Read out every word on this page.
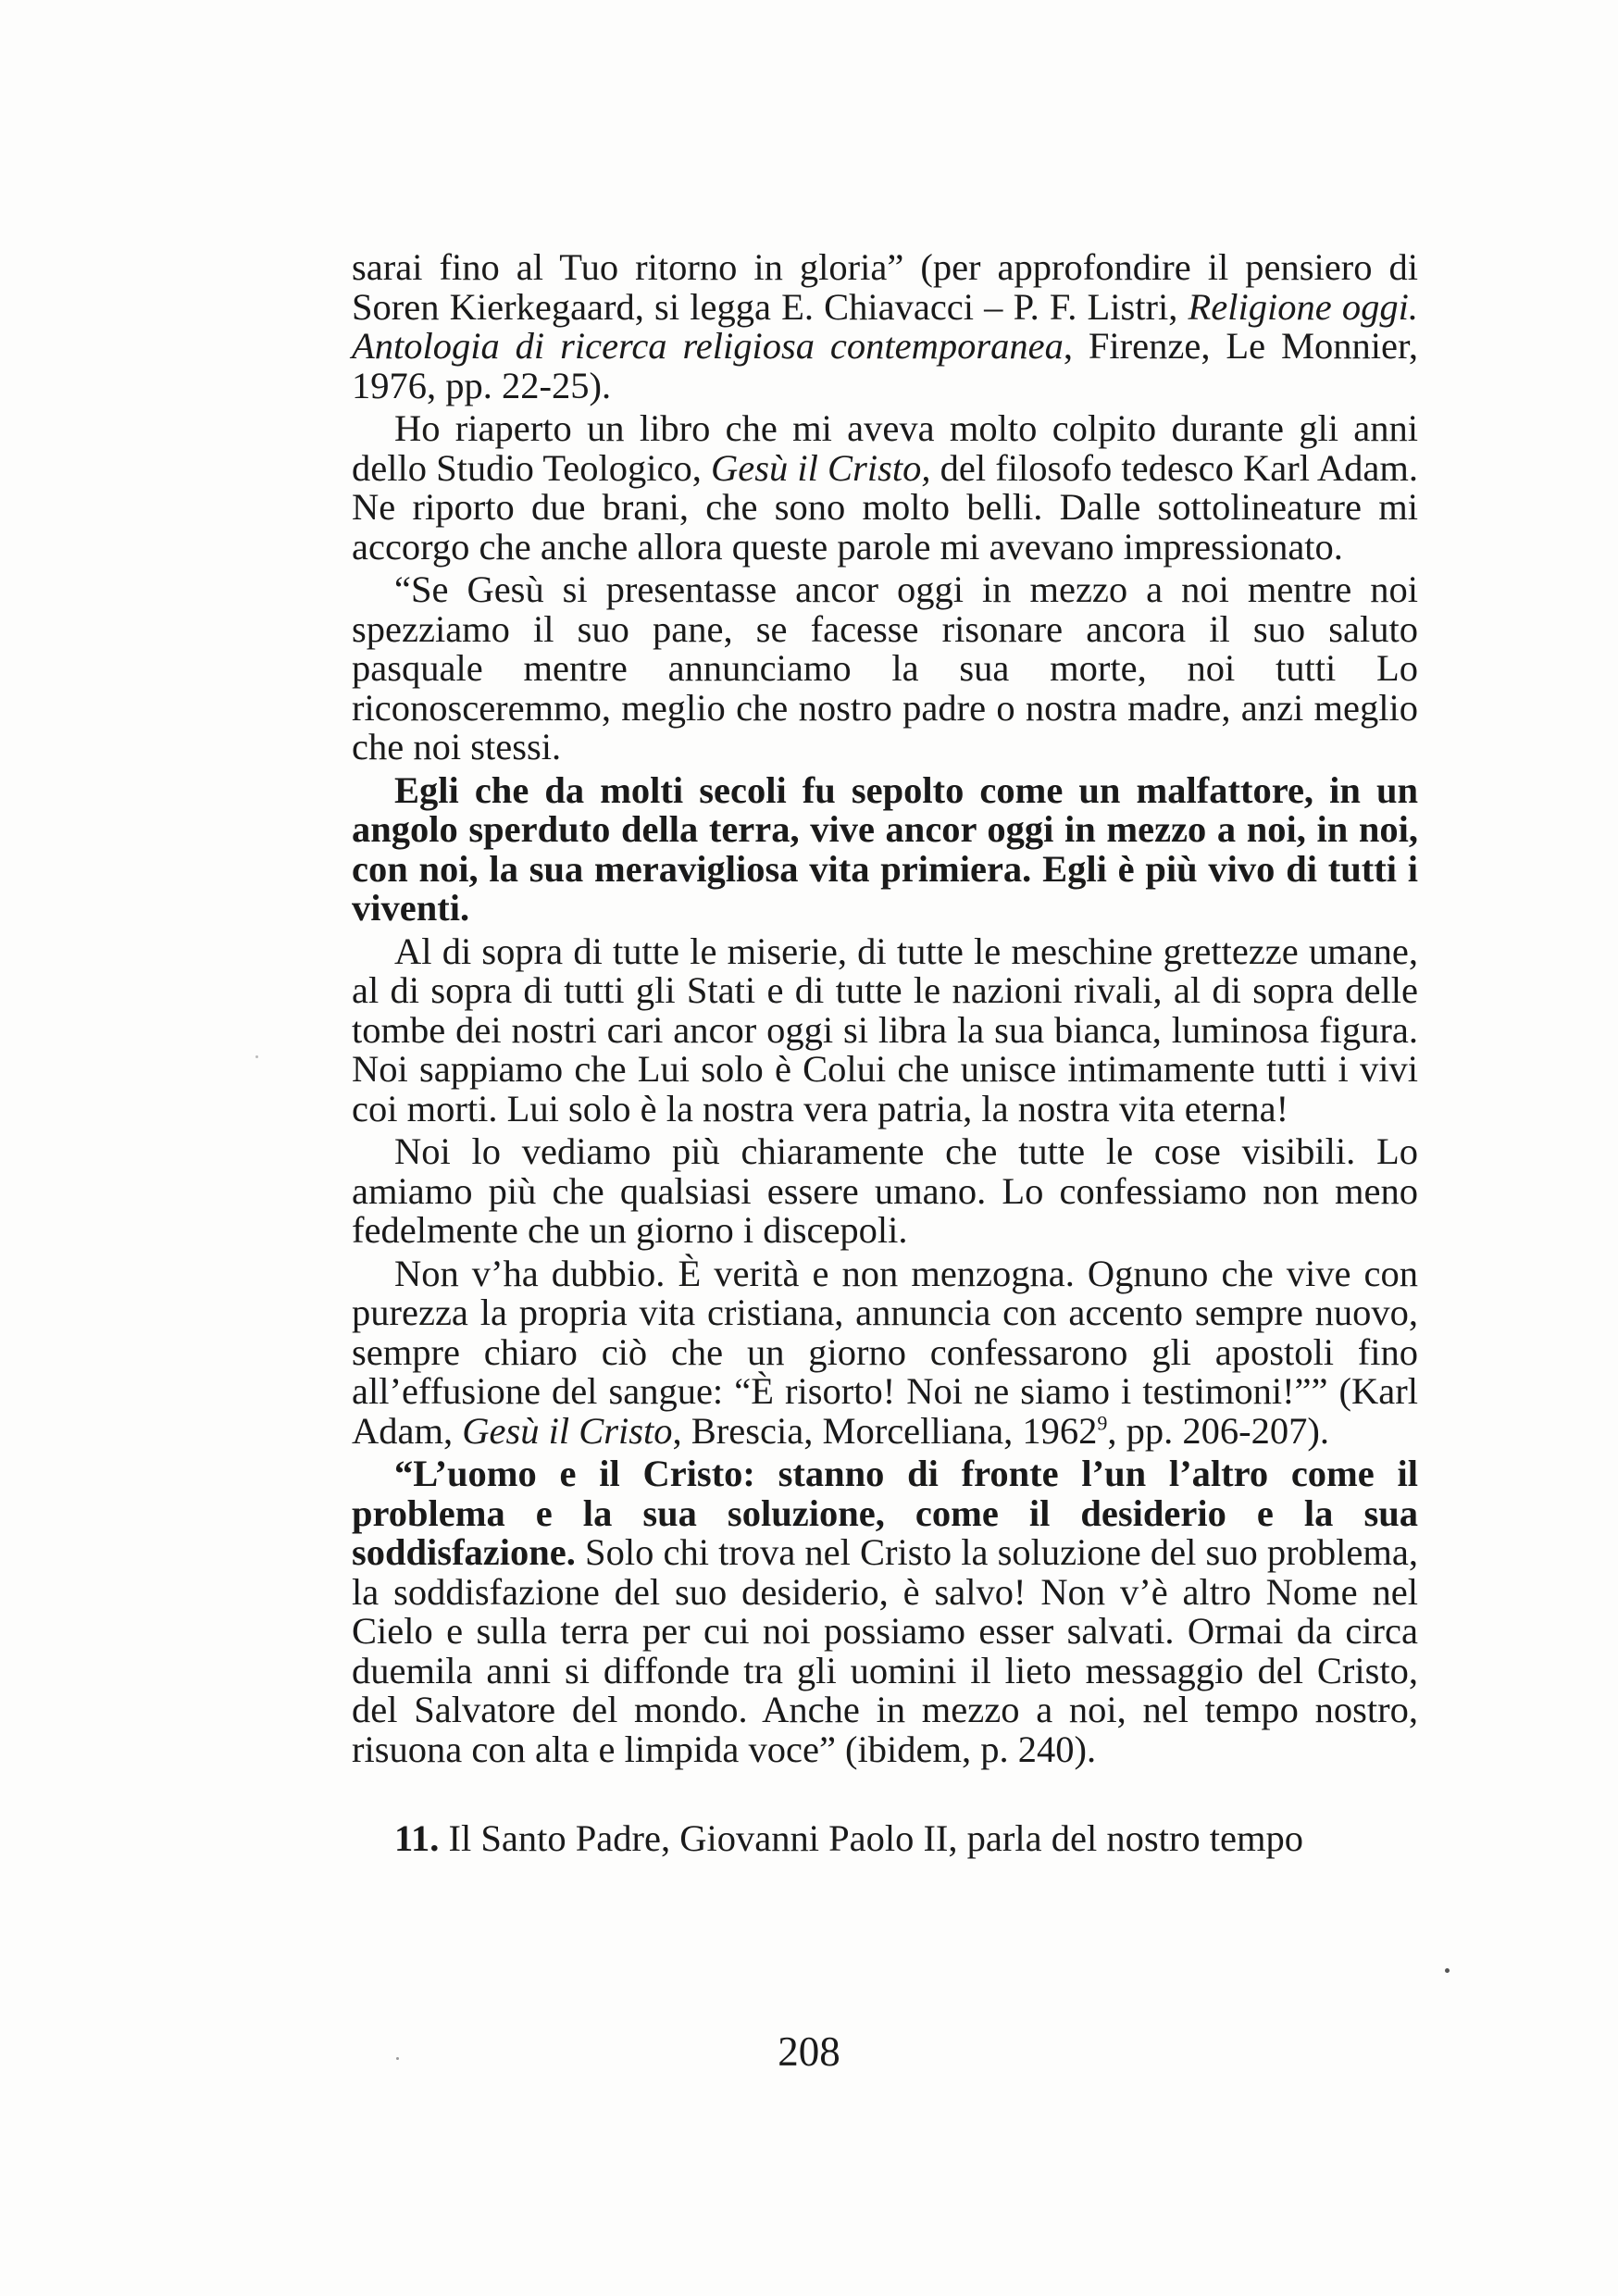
sarai fino al Tuo ritorno in gloria” (per approfondire il pensiero di Soren Kierkegaard, si legga E. Chiavacci – P. F. Listri, Religione oggi. Antologia di ricerca religiosa contemporanea, Firenze, Le Monnier, 1976, pp. 22-25).

Ho riaperto un libro che mi aveva molto colpito durante gli anni dello Studio Teologico, Gesù il Cristo, del filosofo tedesco Karl Adam. Ne riporto due brani, che sono molto belli. Dalle sottolineature mi accorgo che anche allora queste parole mi avevano impressionato.

“Se Gesù si presentasse ancor oggi in mezzo a noi mentre noi spezziamo il suo pane, se facesse risonare ancora il suo saluto pasquale mentre annunciamo la sua morte, noi tutti Lo riconosceremmo, meglio che nostro padre o nostra madre, anzi meglio che noi stessi.

Egli che da molti secoli fu sepolto come un malfattore, in un angolo sperduto della terra, vive ancor oggi in mezzo a noi, in noi, con noi, la sua meravigliosa vita primiera. Egli è più vivo di tutti i viventi.

Al di sopra di tutte le miserie, di tutte le meschine grettezze umane, al di sopra di tutti gli Stati e di tutte le nazioni rivali, al di sopra delle tombe dei nostri cari ancor oggi si libra la sua bianca, luminosa figura. Noi sappiamo che Lui solo è Colui che unisce intimamente tutti i vivi coi morti. Lui solo è la nostra vera patria, la nostra vita eterna!

Noi lo vediamo più chiaramente che tutte le cose visibili. Lo amiamo più che qualsiasi essere umano. Lo confessiamo non meno fedelmente che un giorno i discepoli.

Non v’ha dubbio. È verità e non menzogna. Ognuno che vive con purezza la propria vita cristiana, annuncia con accento sempre nuovo, sempre chiaro ciò che un giorno confessarono gli apostoli fino all’effusione del sangue: “È risorto! Noi ne siamo i testimoni!”” (Karl Adam, Gesù il Cristo, Brescia, Morcelliana, 1962$^9$, pp. 206-207).

“L’uomo e il Cristo: stanno di fronte l’un l’altro come il problema e la sua soluzione, come il desiderio e la sua soddisfazione. Solo chi trova nel Cristo la soluzione del suo problema, la soddisfazione del suo desiderio, è salvo! Non v’è altro Nome nel Cielo e sulla terra per cui noi possiamo esser salvati. Ormai da circa duemila anni si diffonde tra gli uomini il lieto messaggio del Cristo, del Salvatore del mondo. Anche in mezzo a noi, nel tempo nostro, risuona con alta e limpida voce” (ibidem, p. 240).

11. Il Santo Padre, Giovanni Paolo II, parla del nostro tempo

208
